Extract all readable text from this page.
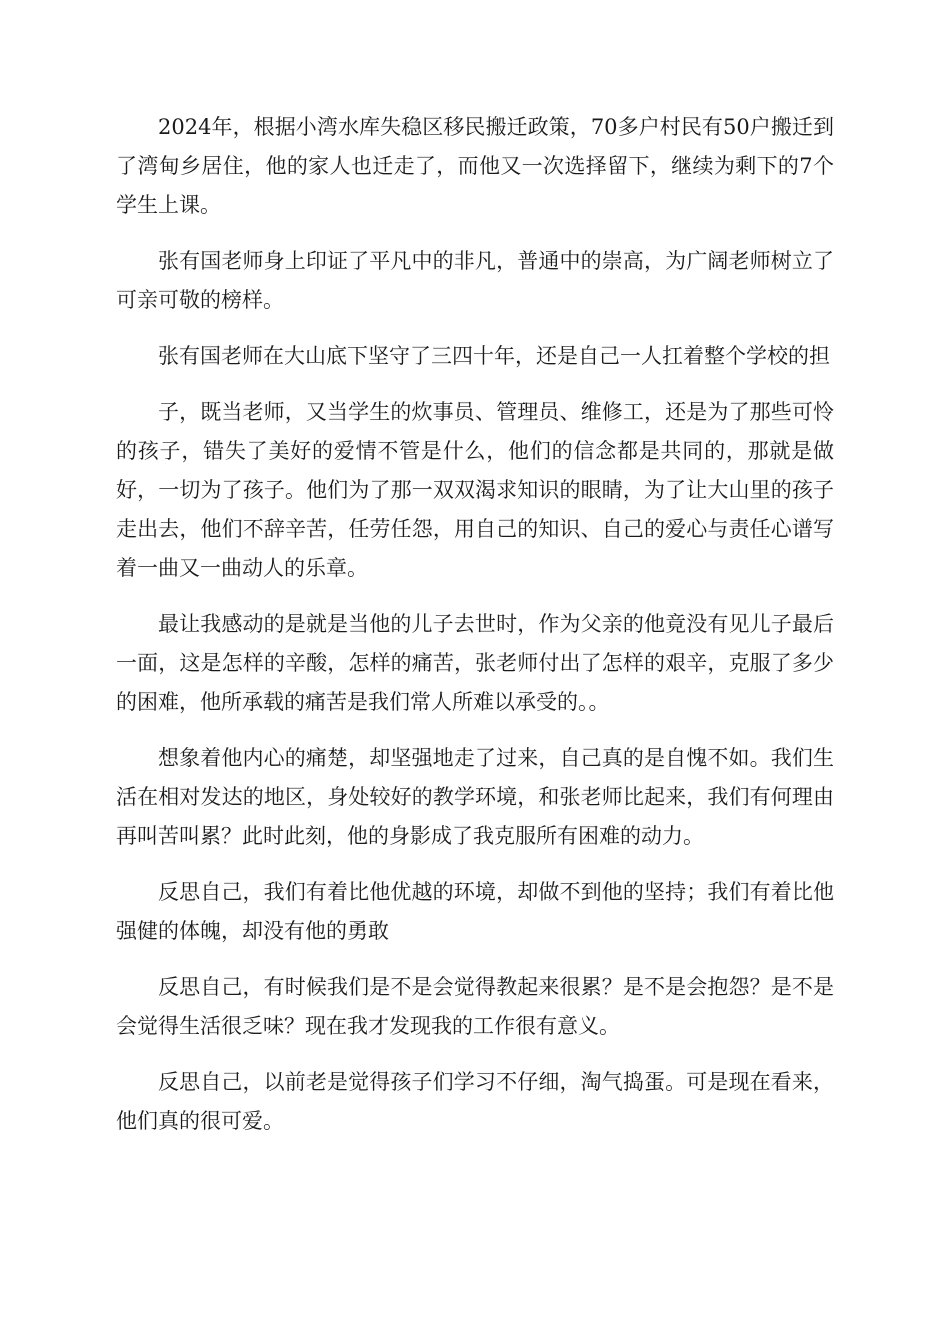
2024年，根据小湾水库失稳区移民搬迁政策，70多户村民有50户搬迁到了湾甸乡居住，他的家人也迁走了，而他又一次选择留下，继续为剩下的7个学生上课。

张有国老师身上印证了平凡中的非凡，普通中的崇高，为广阔老师树立了可亲可敬的榜样。

张有国老师在大山底下坚守了三四十年，还是自己一人扛着整个学校的担

子，既当老师，又当学生的炊事员、管理员、维修工，还是为了那些可怜的孩子，错失了美好的爱情不管是什么，他们的信念都是共同的，那就是做好，一切为了孩子。他们为了那一双双渴求知识的眼睛，为了让大山里的孩子走出去，他们不辞辛苦，任劳任怨，用自己的知识、自己的爱心与责任心谱写着一曲又一曲动人的乐章。

最让我感动的是就是当他的儿子去世时，作为父亲的他竟没有见儿子最后一面，这是怎样的辛酸，怎样的痛苦，张老师付出了怎样的艰辛，克服了多少的困难，他所承载的痛苦是我们常人所难以承受的。。

想象着他内心的痛楚，却坚强地走了过来，自己真的是自愧不如。我们生活在相对发达的地区，身处较好的教学环境，和张老师比起来，我们有何理由再叫苦叫累？此时此刻，他的身影成了我克服所有困难的动力。

反思自己，我们有着比他优越的环境，却做不到他的坚持；我们有着比他强健的体魄，却没有他的勇敢

反思自己，有时候我们是不是会觉得教起来很累？是不是会抱怨？是不是会觉得生活很乏味？现在我才发现我的工作很有意义。

反思自己，以前老是觉得孩子们学习不仔细，淘气捣蛋。可是现在看来，他们真的很可爱。
